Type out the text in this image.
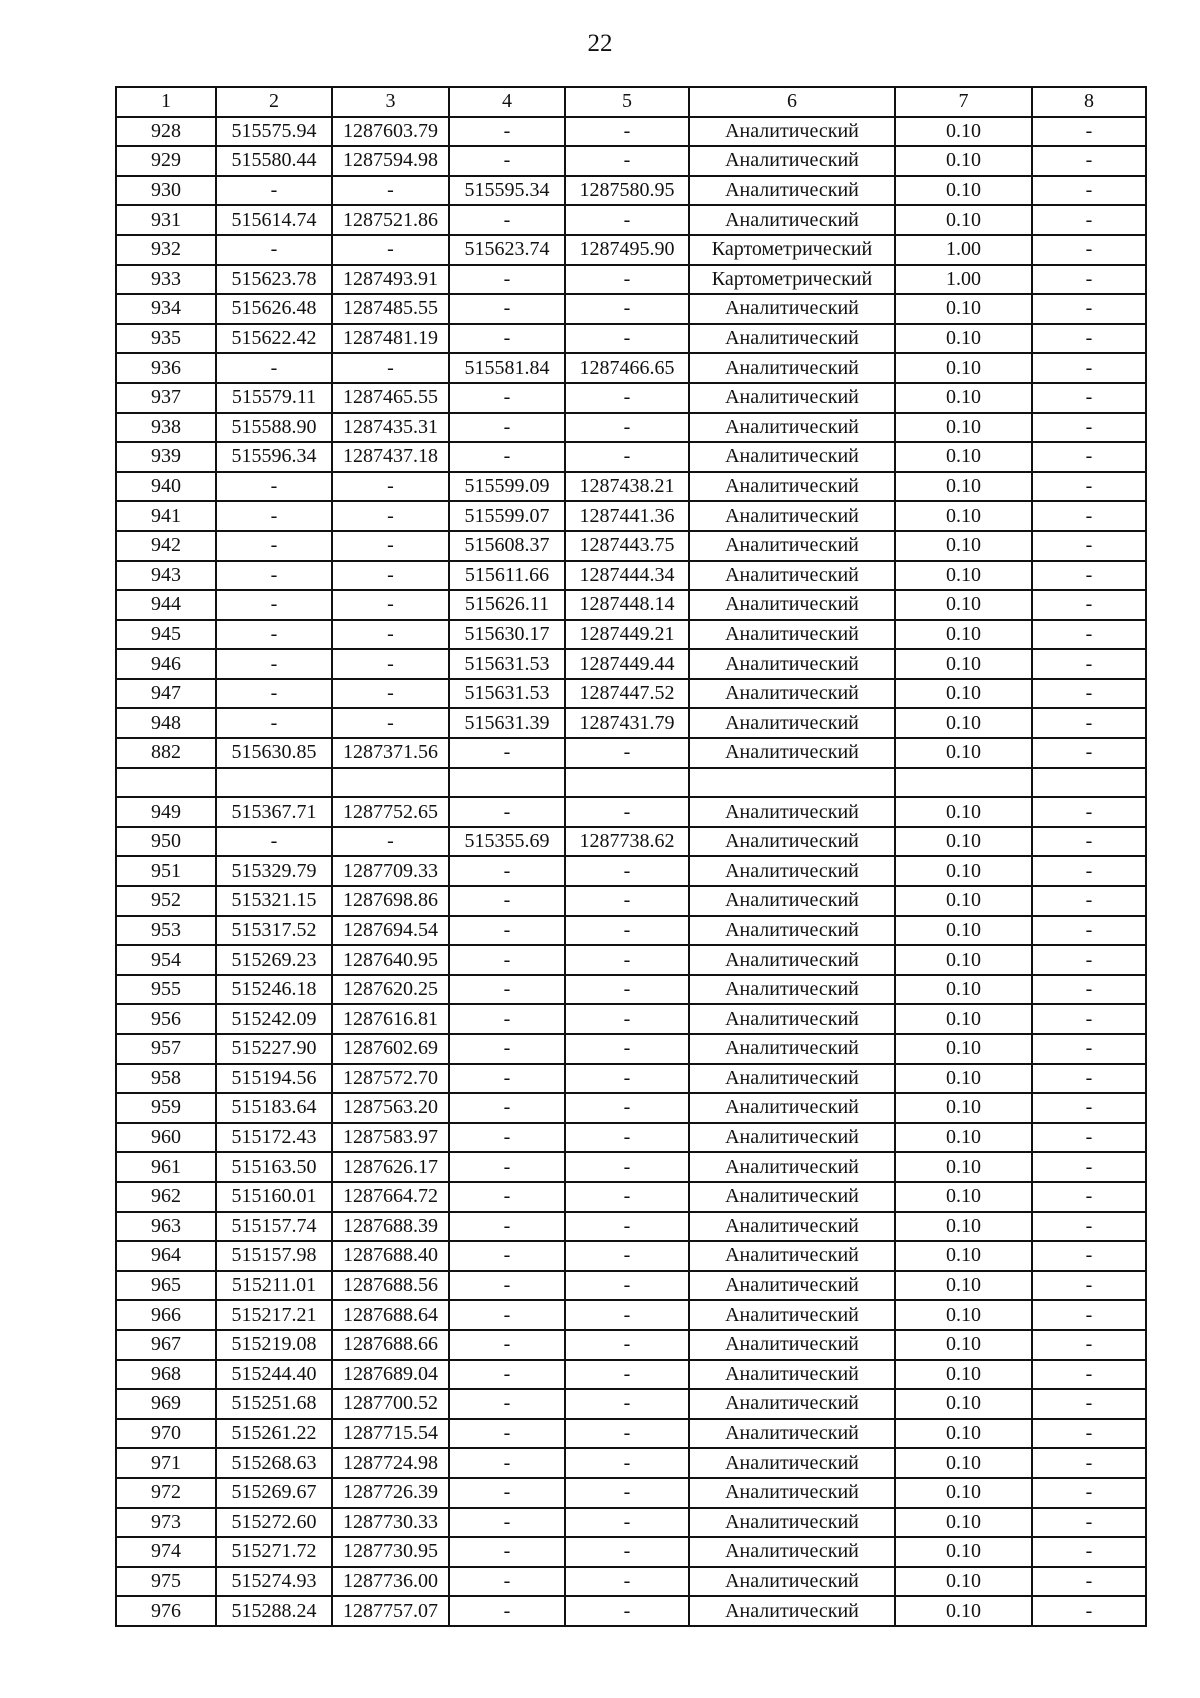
22
1	2	3	4	5	6	7	8
928	515575.94	1287603.79	-	-	Аналитический	0.10	-
929	515580.44	1287594.98	-	-	Аналитический	0.10	-
930	-	-	515595.34	1287580.95	Аналитический	0.10	-
931	515614.74	1287521.86	-	-	Аналитический	0.10	-
932	-	-	515623.74	1287495.90	Картометрический	1.00	-
933	515623.78	1287493.91	-	-	Картометрический	1.00	-
934	515626.48	1287485.55	-	-	Аналитический	0.10	-
935	515622.42	1287481.19	-	-	Аналитический	0.10	-
936	-	-	515581.84	1287466.65	Аналитический	0.10	-
937	515579.11	1287465.55	-	-	Аналитический	0.10	-
938	515588.90	1287435.31	-	-	Аналитический	0.10	-
939	515596.34	1287437.18	-	-	Аналитический	0.10	-
940	-	-	515599.09	1287438.21	Аналитический	0.10	-
941	-	-	515599.07	1287441.36	Аналитический	0.10	-
942	-	-	515608.37	1287443.75	Аналитический	0.10	-
943	-	-	515611.66	1287444.34	Аналитический	0.10	-
944	-	-	515626.11	1287448.14	Аналитический	0.10	-
945	-	-	515630.17	1287449.21	Аналитический	0.10	-
946	-	-	515631.53	1287449.44	Аналитический	0.10	-
947	-	-	515631.53	1287447.52	Аналитический	0.10	-
948	-	-	515631.39	1287431.79	Аналитический	0.10	-
882	515630.85	1287371.56	-	-	Аналитический	0.10	-

949	515367.71	1287752.65	-	-	Аналитический	0.10	-
950	-	-	515355.69	1287738.62	Аналитический	0.10	-
951	515329.79	1287709.33	-	-	Аналитический	0.10	-
952	515321.15	1287698.86	-	-	Аналитический	0.10	-
953	515317.52	1287694.54	-	-	Аналитический	0.10	-
954	515269.23	1287640.95	-	-	Аналитический	0.10	-
955	515246.18	1287620.25	-	-	Аналитический	0.10	-
956	515242.09	1287616.81	-	-	Аналитический	0.10	-
957	515227.90	1287602.69	-	-	Аналитический	0.10	-
958	515194.56	1287572.70	-	-	Аналитический	0.10	-
959	515183.64	1287563.20	-	-	Аналитический	0.10	-
960	515172.43	1287583.97	-	-	Аналитический	0.10	-
961	515163.50	1287626.17	-	-	Аналитический	0.10	-
962	515160.01	1287664.72	-	-	Аналитический	0.10	-
963	515157.74	1287688.39	-	-	Аналитический	0.10	-
964	515157.98	1287688.40	-	-	Аналитический	0.10	-
965	515211.01	1287688.56	-	-	Аналитический	0.10	-
966	515217.21	1287688.64	-	-	Аналитический	0.10	-
967	515219.08	1287688.66	-	-	Аналитический	0.10	-
968	515244.40	1287689.04	-	-	Аналитический	0.10	-
969	515251.68	1287700.52	-	-	Аналитический	0.10	-
970	515261.22	1287715.54	-	-	Аналитический	0.10	-
971	515268.63	1287724.98	-	-	Аналитический	0.10	-
972	515269.67	1287726.39	-	-	Аналитический	0.10	-
973	515272.60	1287730.33	-	-	Аналитический	0.10	-
974	515271.72	1287730.95	-	-	Аналитический	0.10	-
975	515274.93	1287736.00	-	-	Аналитический	0.10	-
976	515288.24	1287757.07	-	-	Аналитический	0.10	-
